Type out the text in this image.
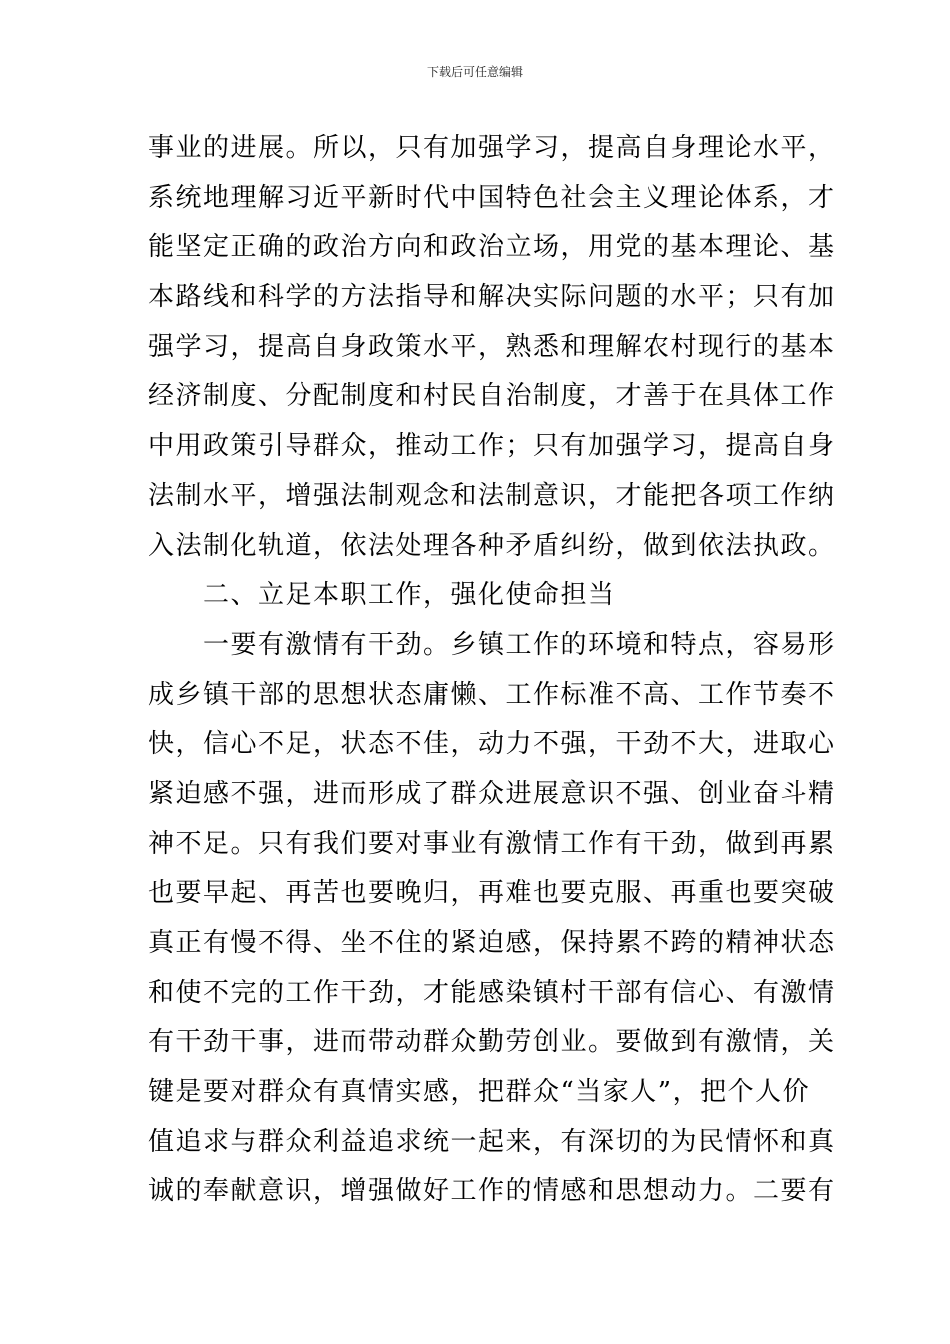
下载后可任意编辑
事业的进展。所以，只有加强学习，提高自身理论水平，
系统地理解习近平新时代中国特色社会主义理论体系，才
能坚定正确的政治方向和政治立场，用党的基本理论、基
本路线和科学的方法指导和解决实际问题的水平；只有加
强学习，提高自身政策水平，熟悉和理解农村现行的基本
经济制度、分配制度和村民自治制度，才善于在具体工作
中用政策引导群众，推动工作；只有加强学习，提高自身
法制水平，增强法制观念和法制意识，才能把各项工作纳
入法制化轨道，依法处理各种矛盾纠纷，做到依法执政。
二、立足本职工作，强化使命担当
一要有激情有干劲。乡镇工作的环境和特点，容易形
成乡镇干部的思想状态庸懒、工作标准不高、工作节奏不
快，信心不足，状态不佳，动力不强，干劲不大，进取心
紧迫感不强，进而形成了群众进展意识不强、创业奋斗精
神不足。只有我们要对事业有激情工作有干劲，做到再累
也要早起、再苦也要晚归，再难也要克服、再重也要突破
真正有慢不得、坐不住的紧迫感，保持累不跨的精神状态
和使不完的工作干劲，才能感染镇村干部有信心、有激情
有干劲干事，进而带动群众勤劳创业。要做到有激情，关
键是要对群众有真情实感，把群众“当家人”，把个人价
值追求与群众利益追求统一起来，有深切的为民情怀和真
诚的奉献意识，增强做好工作的情感和思想动力。二要有
